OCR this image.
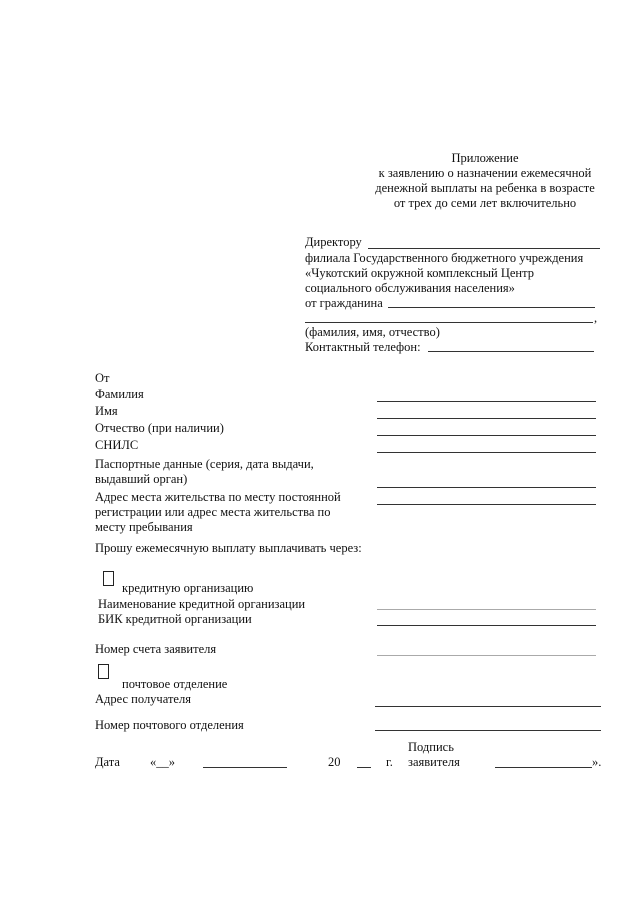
Приложение
к заявлению о назначении ежемесячной
денежной выплаты на ребенка в возрасте
от трех до семи лет включительно
Директору
филиала Государственного бюджетного учреждения
«Чукотский окружной комплексный Центр
социального обслуживания населения»
от гражданина
,
(фамилия, имя, отчество)
Контактный телефон:
От
Фамилия
Имя
Отчество (при наличии)
СНИЛС
Паспортные данные (серия, дата выдачи,
выдавший орган)
Адрес места жительства по месту постоянной
регистрации или адрес места жительства по
месту пребывания
Прошу ежемесячную выплату выплачивать через:
кредитную организацию
Наименование кредитной организации
БИК кредитной организации
Номер счета заявителя
почтовое отделение
Адрес получателя
Номер почтового отделения
Дата «__»	20	г.
Подпись
заявителя	».
